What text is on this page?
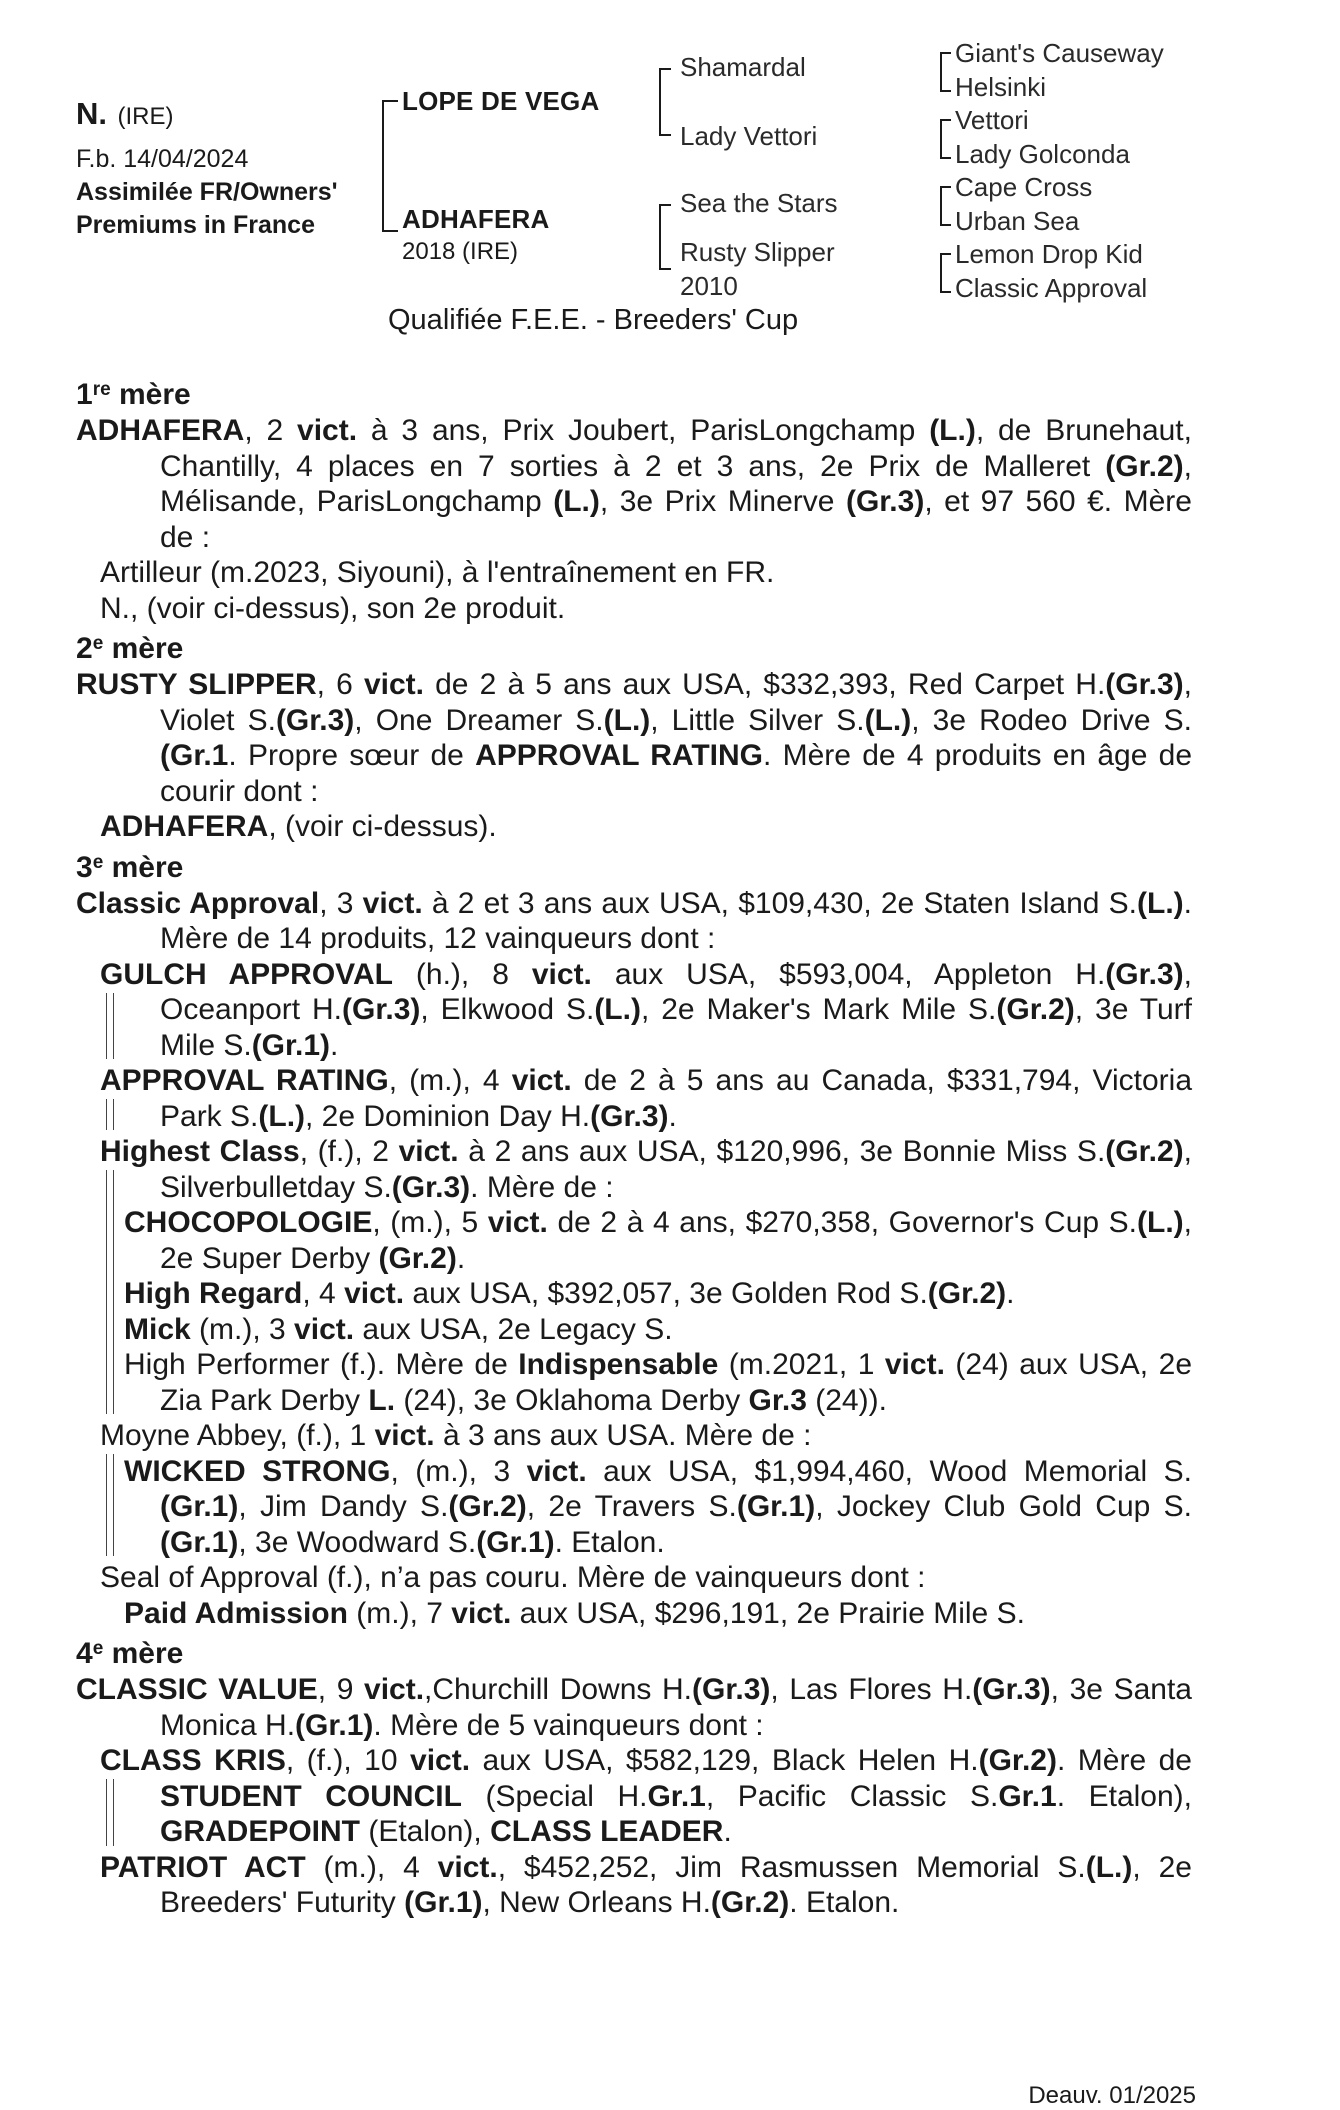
N. (IRE)
F.b. 14/04/2024
Assimilée FR/Owners'
Premiums in France
LOPE DE VEGA
ADHAFERA
2018 (IRE)
Shamardal
Lady Vettori
Sea the Stars
Rusty Slipper
2010
Giant's Causeway
Helsinki
Vettori
Lady Golconda
Cape Cross
Urban Sea
Lemon Drop Kid
Classic Approval
Qualifiée F.E.E. - Breeders' Cup
1re mère
ADHAFERA, 2 vict. à 3 ans, Prix Joubert, ParisLongchamp (L.), de Brunehaut, Chantilly, 4 places en 7 sorties à 2 et 3 ans, 2e Prix de Malleret (Gr.2), Mélisande, ParisLongchamp (L.), 3e Prix Minerve (Gr.3), et 97 560 €. Mère de :
Artilleur (m.2023, Siyouni), à l'entraînement en FR.
N., (voir ci-dessus), son 2e produit.
2e mère
RUSTY SLIPPER, 6 vict. de 2 à 5 ans aux USA, $332,393, Red Carpet H.(Gr.3), Violet S.(Gr.3), One Dreamer S.(L.), Little Silver S.(L.), 3e Rodeo Drive S.(Gr.1. Propre sœur de APPROVAL RATING. Mère de 4 produits en âge de courir dont :
ADHAFERA, (voir ci-dessus).
3e mère
Classic Approval, 3 vict. à 2 et 3 ans aux USA, $109,430, 2e Staten Island S.(L.). Mère de 14 produits, 12 vainqueurs dont :
GULCH APPROVAL (h.), 8 vict. aux USA, $593,004, Appleton H.(Gr.3), Oceanport H.(Gr.3), Elkwood S.(L.), 2e Maker's Mark Mile S.(Gr.2), 3e Turf Mile S.(Gr.1).
APPROVAL RATING, (m.), 4 vict. de 2 à 5 ans au Canada, $331,794, Victoria Park S.(L.), 2e Dominion Day H.(Gr.3).
Highest Class, (f.), 2 vict. à 2 ans aux USA, $120,996, 3e Bonnie Miss S.(Gr.2), Silverbulletday S.(Gr.3). Mère de :
CHOCOPOLOGIE, (m.), 5 vict. de 2 à 4 ans, $270,358, Governor's Cup S.(L.), 2e Super Derby (Gr.2).
High Regard, 4 vict. aux USA, $392,057, 3e Golden Rod S.(Gr.2).
Mick (m.), 3 vict. aux USA, 2e Legacy S.
High Performer (f.). Mère de Indispensable (m.2021, 1 vict. (24) aux USA, 2e Zia Park Derby L. (24), 3e Oklahoma Derby Gr.3 (24)).
Moyne Abbey, (f.), 1 vict. à 3 ans aux USA. Mère de :
WICKED STRONG, (m.), 3 vict. aux USA, $1,994,460, Wood Memorial S.(Gr.1), Jim Dandy S.(Gr.2), 2e Travers S.(Gr.1), Jockey Club Gold Cup S.(Gr.1), 3e Woodward S.(Gr.1). Etalon.
Seal of Approval (f.), n’a pas couru. Mère de vainqueurs dont :
Paid Admission (m.), 7 vict. aux USA, $296,191, 2e Prairie Mile S.
4e mère
CLASSIC VALUE, 9 vict.,Churchill Downs H.(Gr.3), Las Flores H.(Gr.3), 3e Santa Monica H.(Gr.1). Mère de 5 vainqueurs dont :
CLASS KRIS, (f.), 10 vict. aux USA, $582,129, Black Helen H.(Gr.2). Mère de STUDENT COUNCIL (Special H.Gr.1, Pacific Classic S.Gr.1. Etalon), GRADEPOINT (Etalon), CLASS LEADER.
PATRIOT ACT (m.), 4 vict., $452,252, Jim Rasmussen Memorial S.(L.), 2e Breeders' Futurity (Gr.1), New Orleans H.(Gr.2). Etalon.
Deauv. 01/2025
